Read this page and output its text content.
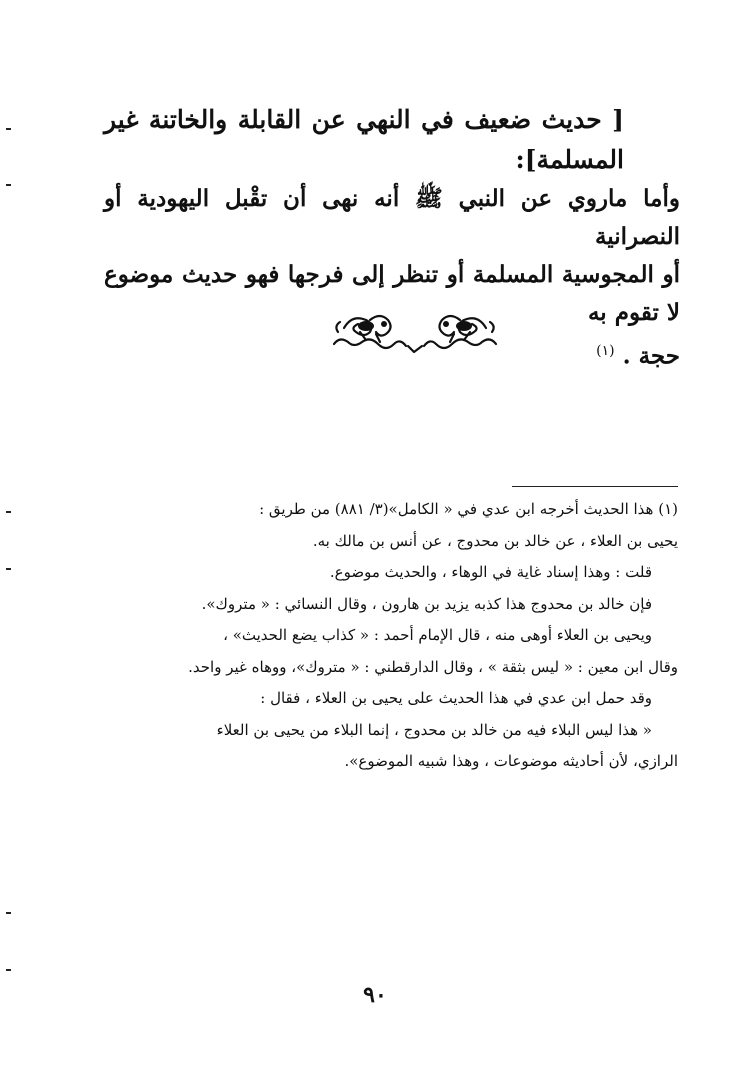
[ حديث ضعيف في النهي عن القابلة والخاتنة غير المسلمة]:

وأما ماروي عن النبي ﷺ أنه نهى أن تقْبل اليهودية أو النصرانية

أو المجوسية المسلمة أو تنظر إلى فرجها فهو حديث موضوع لا تقوم به

حجة . $^{(١)}$

(١) هذا الحديث أخرجه ابن عدي في « الكامل»(٣/ ٨٨١) من طريق :

يحيى بن العلاء ، عن خالد بن محدوج ، عن أنس بن مالك به.

قلت : وهذا إسناد غاية في الوهاء ، والحديث موضوع.

فإن خالد بن محدوج هذا كذبه يزيد بن هارون ، وقال النسائي : « متروك».

ويحيى بن العلاء أوهى منه ، قال الإمام أحمد : « كذاب يضع الحديث» ،

وقال ابن معين : « ليس بثقة » ، وقال الدارقطني : « متروك»، ووهاه غير واحد.

وقد حمل ابن عدي في هذا الحديث على يحيى بن العلاء ، فقال :

« هذا ليس البلاء فيه من خالد بن محدوج ، إنما البلاء من يحيى بن العلاء

الرازي، لأن أحاديثه موضوعات ، وهذا شبيه الموضوع».

٩٠
